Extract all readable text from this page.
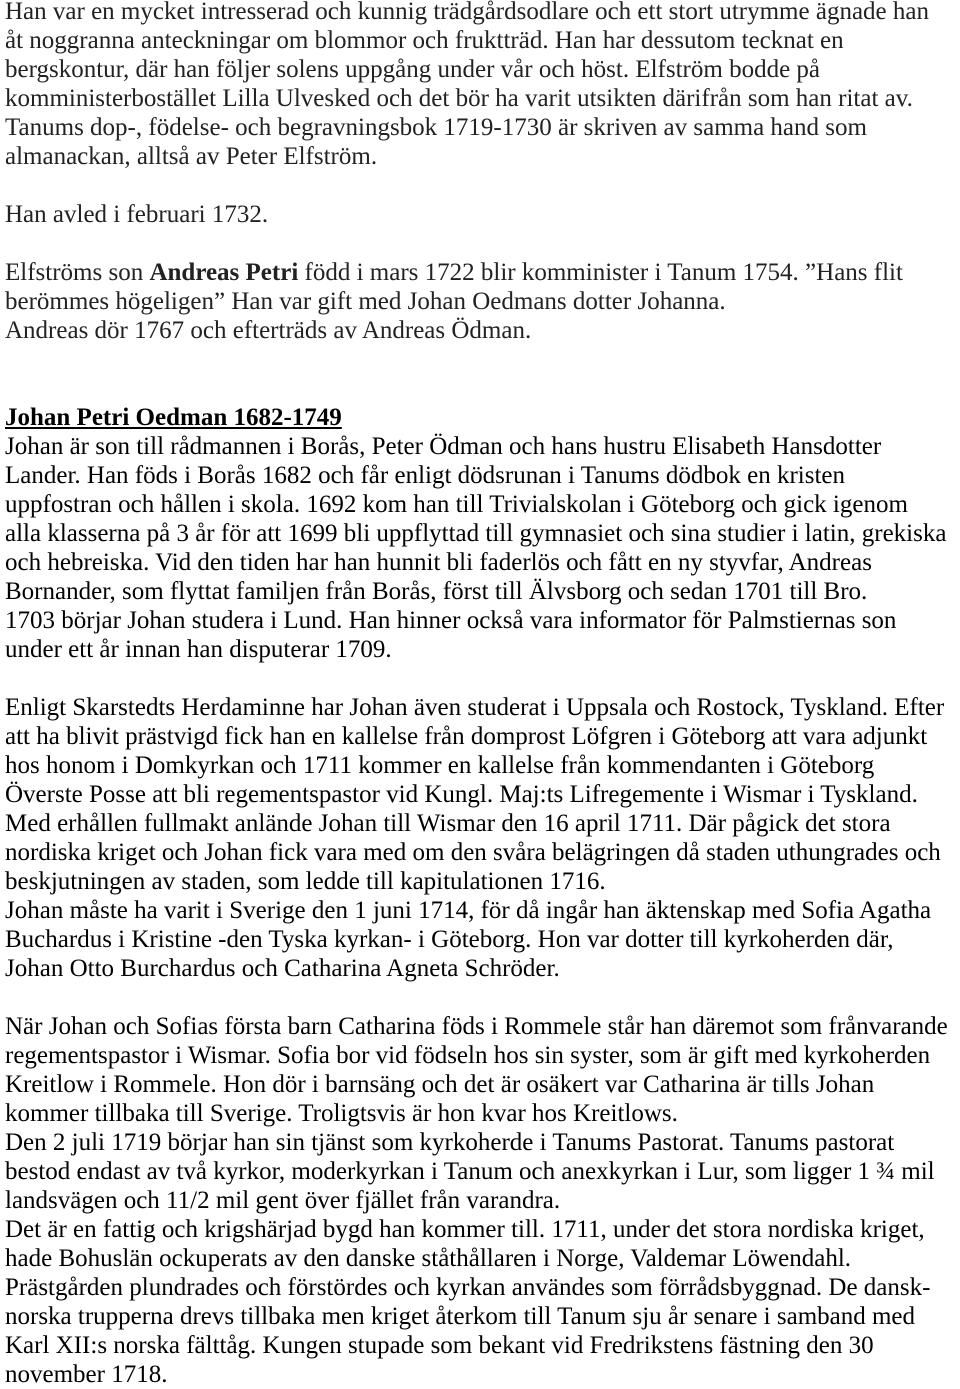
Han var en mycket intresserad och kunnig trädgårdsodlare och ett stort utrymme ägnade han
åt noggranna anteckningar om blommor och fruktträd. Han har dessutom tecknat en
bergskontur, där han följer solens uppgång under vår och höst. Elfström bodde på
komministerbostället Lilla Ulvesked och det bör ha varit utsikten därifrån som han ritat av.
Tanums dop-, födelse- och begravningsbok 1719-1730 är skriven av samma hand som
almanackan, alltså av Peter Elfström.
Han avled i februari 1732.
Elfströms son Andreas Petri född i mars 1722 blir komminister i Tanum 1754. ”Hans flit
berömmes högeligen” Han var gift med Johan Oedmans dotter Johanna.
Andreas dör 1767 och efterträds av Andreas Ödman.
Johan Petri Oedman 1682-1749
Johan är son till rådmannen i Borås, Peter Ödman och hans hustru Elisabeth Hansdotter
Lander. Han föds i Borås 1682 och får enligt dödsrunan i Tanums dödbok en kristen
uppfostran och hållen i skola. 1692 kom han till Trivialskolan i Göteborg och gick igenom
alla klasserna på 3 år för att 1699 bli uppflyttad till gymnasiet och sina studier i latin, grekiska
och hebreiska. Vid den tiden har han hunnit bli faderlös och fått en ny styvfar, Andreas
Bornander, som flyttat familjen från Borås, först till Älvsborg och sedan 1701 till Bro.
1703 börjar Johan studera i Lund. Han hinner också vara informator för Palmstiernas son
under ett år innan han disputerar 1709.
Enligt Skarstedts Herdaminne har Johan även studerat i Uppsala och Rostock, Tyskland. Efter
att ha blivit prästvigd fick han en kallelse från domprost Löfgren i Göteborg att vara adjunkt
hos honom i Domkyrkan och 1711 kommer en kallelse från kommendanten i Göteborg
Överste Posse att bli regementspastor vid Kungl. Maj:ts Lifregemente i Wismar i Tyskland.
Med erhållen fullmakt anlände Johan till Wismar den 16 april 1711. Där pågick det stora
nordiska kriget och Johan fick vara med om den svåra belägringen då staden uthungrades och
beskjutningen av staden, som ledde till kapitulationen 1716.
Johan måste ha varit i Sverige den 1 juni 1714, för då ingår han äktenskap med Sofia Agatha
Buchardus i Kristine -den Tyska kyrkan- i Göteborg. Hon var dotter till kyrkoherden där,
Johan Otto Burchardus och Catharina Agneta Schröder.
När Johan och Sofias första barn Catharina föds i Rommele står han däremot som frånvarande
regementspastor i Wismar. Sofia bor vid födseln hos sin syster, som är gift med kyrkoherden
Kreitlow i Rommele. Hon dör i barnsäng och det är osäkert var Catharina är tills Johan
kommer tillbaka till Sverige. Troligtsvis är hon kvar hos Kreitlows.
Den 2 juli 1719 börjar han sin tjänst som kyrkoherde i Tanums Pastorat. Tanums pastorat
bestod endast av två kyrkor, moderkyrkan i Tanum och anexkyrkan i Lur, som ligger 1 ¾ mil
landsvägen och 11/2 mil gent över fjället från varandra.
Det är en fattig och krigshärjad bygd han kommer till. 1711, under det stora nordiska kriget,
hade Bohuslän ockuperats av den danske ståthållaren i Norge, Valdemar Löwendahl.
Prästgården plundrades och förstördes och kyrkan användes som förrådsbyggnad. De dansk-
norska trupperna drevs tillbaka men kriget återkom till Tanum sju år senare i samband med
Karl XII:s norska fälttåg. Kungen stupade som bekant vid Fredrikstens fästning den 30
november 1718.
